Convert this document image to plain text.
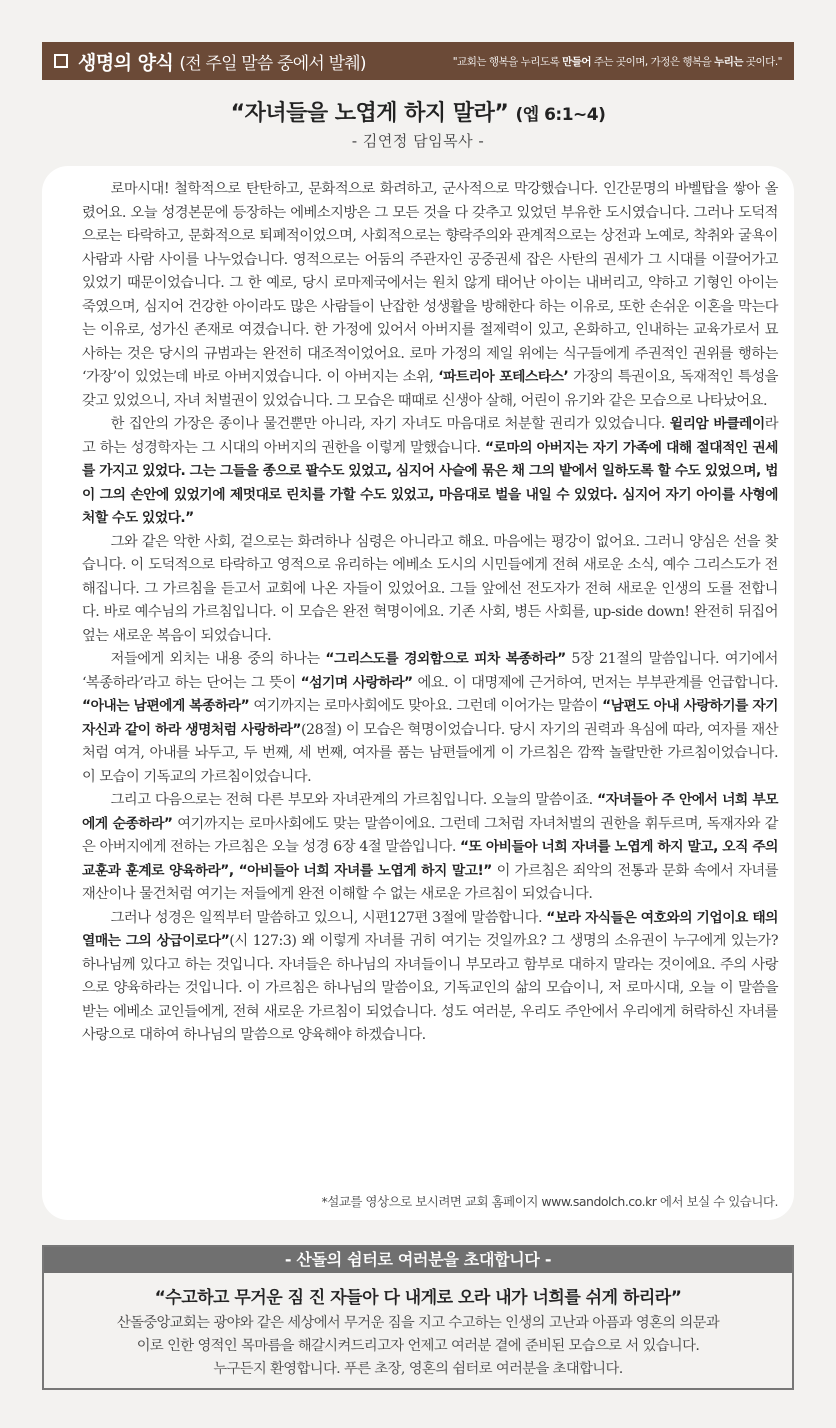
생명의 양식 (전 주일 말씀 중에서 발췌)	"교회는 행복을 누리도록 만들어 주는 곳이며, 가정은 행복을 누리는 곳이다."
“자녀들을 노엽게 하지 말라” (엡 6:1~4)
- 김연정 담임목사 -

로마시대! 철학적으로 탄탄하고, 문화적으로 화려하고, 군사적으로 막강했습니다. 인간문명의 바벨탑을 쌓아 올렸어요. 오늘 성경본문에 등장하는 에베소지방은 그 모든 것을 다 갖추고 있었던 부유한 도시였습니다. 그러나 도덕적으로는 타락하고, 문화적으로 퇴폐적이었으며, 사회적으로는 향락주의와 관계적으로는 상전과 노예로, 착취와 굴욕이 사람과 사람 사이를 나누었습니다. 영적으로는 어둠의 주관자인 공중권세 잡은 사탄의 권세가 그 시대를 이끌어가고 있었기 때문이었습니다. 그 한 예로, 당시 로마제국에서는 원치 않게 태어난 아이는 내버리고, 약하고 기형인 아이는 죽였으며, 심지어 건강한 아이라도 많은 사람들이 난잡한 성생활을 방해한다 하는 이유로, 또한 손쉬운 이혼을 막는다는 이유로, 성가신 존재로 여겼습니다. 한 가정에 있어서 아버지를 절제력이 있고, 온화하고, 인내하는 교육가로서 묘사하는 것은 당시의 규범과는 완전히 대조적이었어요. 로마 가정의 제일 위에는 식구들에게 주권적인 권위를 행하는 ‘가장’이 있었는데 바로 아버지였습니다. 이 아버지는 소위, ‘파트리아 포테스타스’ 가장의 특권이요, 독재적인 특성을 갖고 있었으니, 자녀 처벌권이 있었습니다. 그 모습은 때때로 신생아 살해, 어린이 유기와 같은 모습으로 나타났어요.

한 집안의 가장은 종이나 물건뿐만 아니라, 자기 자녀도 마음대로 처분할 권리가 있었습니다. 윌리암 바클레이라고 하는 성경학자는 그 시대의 아버지의 권한을 이렇게 말했습니다. “로마의 아버지는 자기 가족에 대해 절대적인 권세를 가지고 있었다. 그는 그들을 종으로 팔수도 있었고, 심지어 사슬에 묶은 채 그의 밭에서 일하도록 할 수도 있었으며, 법이 그의 손안에 있었기에 제멋대로 린치를 가할 수도 있었고, 마음대로 벌을 내일 수 있었다. 심지어 자기 아이를 사형에 처할 수도 있었다.”

그와 같은 악한 사회, 겉으로는 화려하나 심령은 아니라고 해요. 마음에는 평강이 없어요. 그러니 양심은 선을 찾습니다. 이 도덕적으로 타락하고 영적으로 유리하는 에베소 도시의 시민들에게 전혀 새로운 소식, 예수 그리스도가 전해집니다. 그 가르침을 듣고서 교회에 나온 자들이 있었어요. 그들 앞에선 전도자가 전혀 새로운 인생의 도를 전합니다. 바로 예수님의 가르침입니다. 이 모습은 완전 혁명이에요. 기존 사회, 병든 사회를, up-side down! 완전히 뒤집어엎는 새로운 복음이 되었습니다.

저들에게 외치는 내용 중의 하나는 “그리스도를 경외함으로 피차 복종하라” 5장 21절의 말씀입니다. 여기에서 ‘복종하라’라고 하는 단어는 그 뜻이 “섬기며 사랑하라” 에요. 이 대명제에 근거하여, 먼저는 부부관계를 언급합니다. “아내는 남편에게 복종하라” 여기까지는 로마사회에도 맞아요. 그런데 이어가는 말씀이 “남편도 아내 사랑하기를 자기 자신과 같이 하라 생명처럼 사랑하라”(28절) 이 모습은 혁명이었습니다. 당시 자기의 권력과 욕심에 따라, 여자를 재산처럼 여겨, 아내를 놔두고, 두 번째, 세 번째, 여자를 품는 남편들에게 이 가르침은 깜짝 놀랄만한 가르침이었습니다. 이 모습이 기독교의 가르침이었습니다.

그리고 다음으로는 전혀 다른 부모와 자녀관계의 가르침입니다. 오늘의 말씀이죠. “자녀들아 주 안에서 너희 부모에게 순종하라” 여기까지는 로마사회에도 맞는 말씀이에요. 그런데 그처럼 자녀처벌의 권한을 휘두르며, 독재자와 같은 아버지에게 전하는 가르침은 오늘 성경 6장 4절 말씀입니다. “또 아비들아 너희 자녀를 노엽게 하지 말고, 오직 주의 교훈과 훈계로 양육하라”, “아비들아 너희 자녀를 노엽게 하지 말고!” 이 가르침은 죄악의 전통과 문화 속에서 자녀를 재산이나 물건처럼 여기는 저들에게 완전 이해할 수 없는 새로운 가르침이 되었습니다.

그러나 성경은 일찍부터 말씀하고 있으니, 시편127편 3절에 말씀합니다. “보라 자식들은 여호와의 기업이요 태의 열매는 그의 상급이로다”(시 127:3) 왜 이렇게 자녀를 귀히 여기는 것일까요? 그 생명의 소유권이 누구에게 있는가? 하나님께 있다고 하는 것입니다. 자녀들은 하나님의 자녀들이니 부모라고 함부로 대하지 말라는 것이에요. 주의 사랑으로 양육하라는 것입니다. 이 가르침은 하나님의 말씀이요, 기독교인의 삶의 모습이니, 저 로마시대, 오늘 이 말씀을 받는 에베소 교인들에게, 전혀 새로운 가르침이 되었습니다. 성도 여러분, 우리도 주안에서 우리에게 허락하신 자녀를 사랑으로 대하여 하나님의 말씀으로 양육해야 하겠습니다.

*설교를 영상으로 보시려면 교회 홈페이지 www.sandolch.co.kr 에서 보실 수 있습니다.
- 산돌의 쉼터로 여러분을 초대합니다 -
“수고하고 무거운 짐 진 자들아 다 내게로 오라 내가 너희를 쉬게 하리라”
산돌중앙교회는 광야와 같은 세상에서 무거운 짐을 지고 수고하는 인생의 고난과 아픔과 영혼의 의문과
이로 인한 영적인 목마름을 해갈시켜드리고자 언제고 여러분 곁에 준비된 모습으로 서 있습니다.
누구든지 환영합니다. 푸른 초장, 영혼의 쉼터로 여러분을 초대합니다.
